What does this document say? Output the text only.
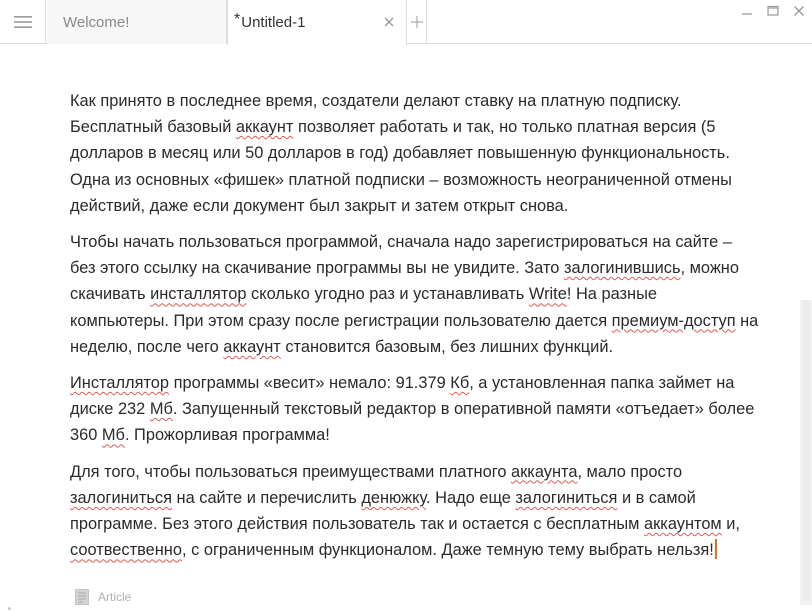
Welcome!	* Untitled-1

Как принято в последнее время, создатели делают ставку на платную подписку. Бесплатный базовый аккаунт позволяет работать и так, но только платная версия (5 долларов в месяц или 50 долларов в год) добавляет повышенную функциональность. Одна из основных «фишек» платной подписки – возможность неограниченной отмены действий, даже если документ был закрыт и затем открыт снова.

Чтобы начать пользоваться программой, сначала надо зарегистрироваться на сайте – без этого ссылку на скачивание программы вы не увидите. Зато залогинившись, можно скачивать инсталлятор сколько угодно раз и устанавливать Write! На разные компьютеры. При этом сразу после регистрации пользователю дается премиум-доступ на неделю, после чего аккаунт становится базовым, без лишних функций.

Инсталлятор программы «весит» немало: 91.379 Кб, а установленная папка займет на диске 232 Мб. Запущенный текстовый редактор в оперативной памяти «отъедает» более 360 Мб. Прожорливая программа!

Для того, чтобы пользоваться преимуществами платного аккаунта, мало просто залогиниться на сайте и перечислить денюжку. Надо еще залогиниться и в самой программе. Без этого действия пользователь так и остается с бесплатным аккаунтом и, соотвественно, с ограниченным функционалом. Даже темную тему выбрать нельзя!

Article
